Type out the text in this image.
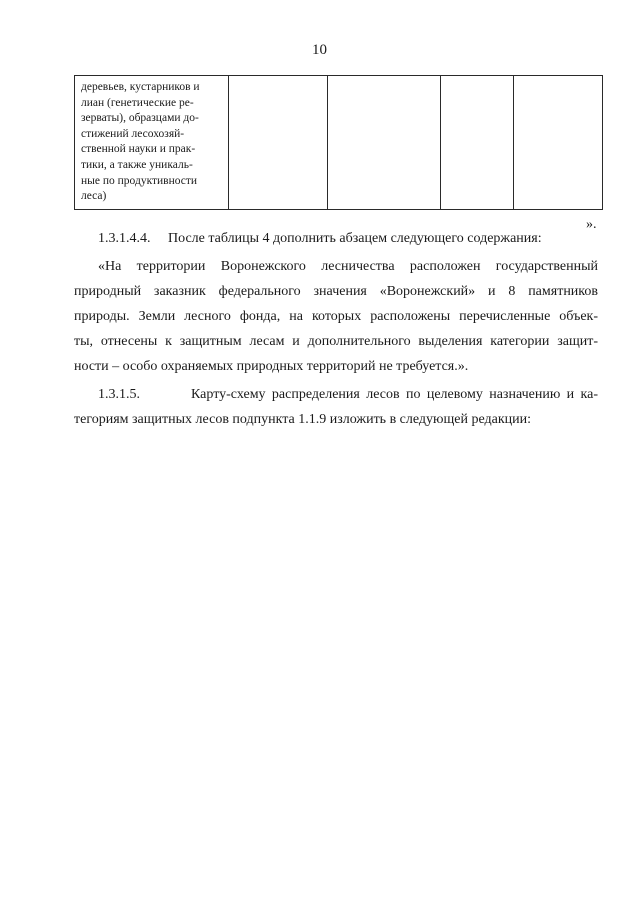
10
деревьев, кустарников и
лиан (генетические ре-
зерваты), образцами до-
стижений лесохозяй-
ственной науки и прак-
тики, а также уникаль-
ные по продуктивности
леса)

».

1.3.1.4.4. После таблицы 4 дополнить абзацем следующего содержания:

«На территории Воронежского лесничества расположен государственный
природный заказник федерального значения «Воронежский» и 8 памятников
природы. Земли лесного фонда, на которых расположены перечисленные объек-
ты, отнесены к защитным лесам и дополнительного выделения категории защит-
ности – особо охраняемых природных территорий не требуется.».

1.3.1.5.	Карту-схему распределения лесов по целевому назначению и ка-
тегориям защитных лесов подпункта 1.1.9 изложить в следующей редакции:
